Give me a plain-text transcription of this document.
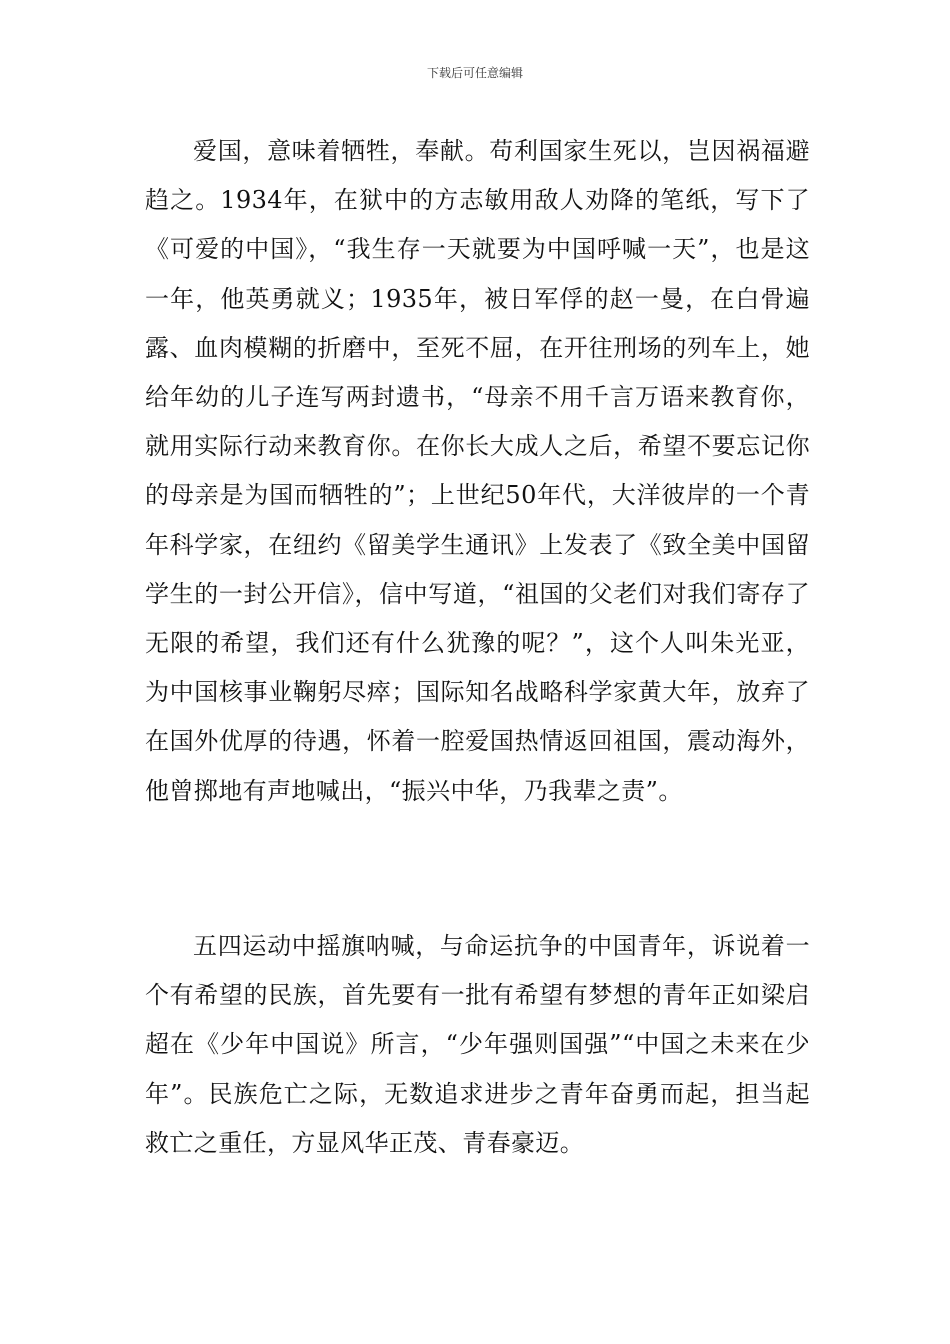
下载后可任意编辑

爱国，意味着牺牲，奉献。苟利国家生死以，岂因祸福避趋之。1934年，在狱中的方志敏用敌人劝降的笔纸，写下了《可爱的中国》，“我生存一天就要为中国呼喊一天”，也是这一年，他英勇就义；1935年，被日军俘的赵一曼，在白骨遍露、血肉模糊的折磨中，至死不屈，在开往刑场的列车上，她给年幼的儿子连写两封遗书，“母亲不用千言万语来教育你，就用实际行动来教育你。在你长大成人之后，希望不要忘记你的母亲是为国而牺牲的”；上世纪50年代，大洋彼岸的一个青年科学家，在纽约《留美学生通讯》上发表了《致全美中国留学生的一封公开信》，信中写道，“祖国的父老们对我们寄存了无限的希望，我们还有什么犹豫的呢？”，这个人叫朱光亚，为中国核事业鞠躬尽瘁；国际知名战略科学家黄大年，放弃了在国外优厚的待遇，怀着一腔爱国热情返回祖国，震动海外，他曾掷地有声地喊出，“振兴中华，乃我辈之责”。

五四运动中摇旗呐喊，与命运抗争的中国青年，诉说着一个有希望的民族，首先要有一批有希望有梦想的青年正如梁启超在《少年中国说》所言，“少年强则国强”“中国之未来在少年”。民族危亡之际，无数追求进步之青年奋勇而起，担当起救亡之重任，方显风华正茂、青春豪迈。
